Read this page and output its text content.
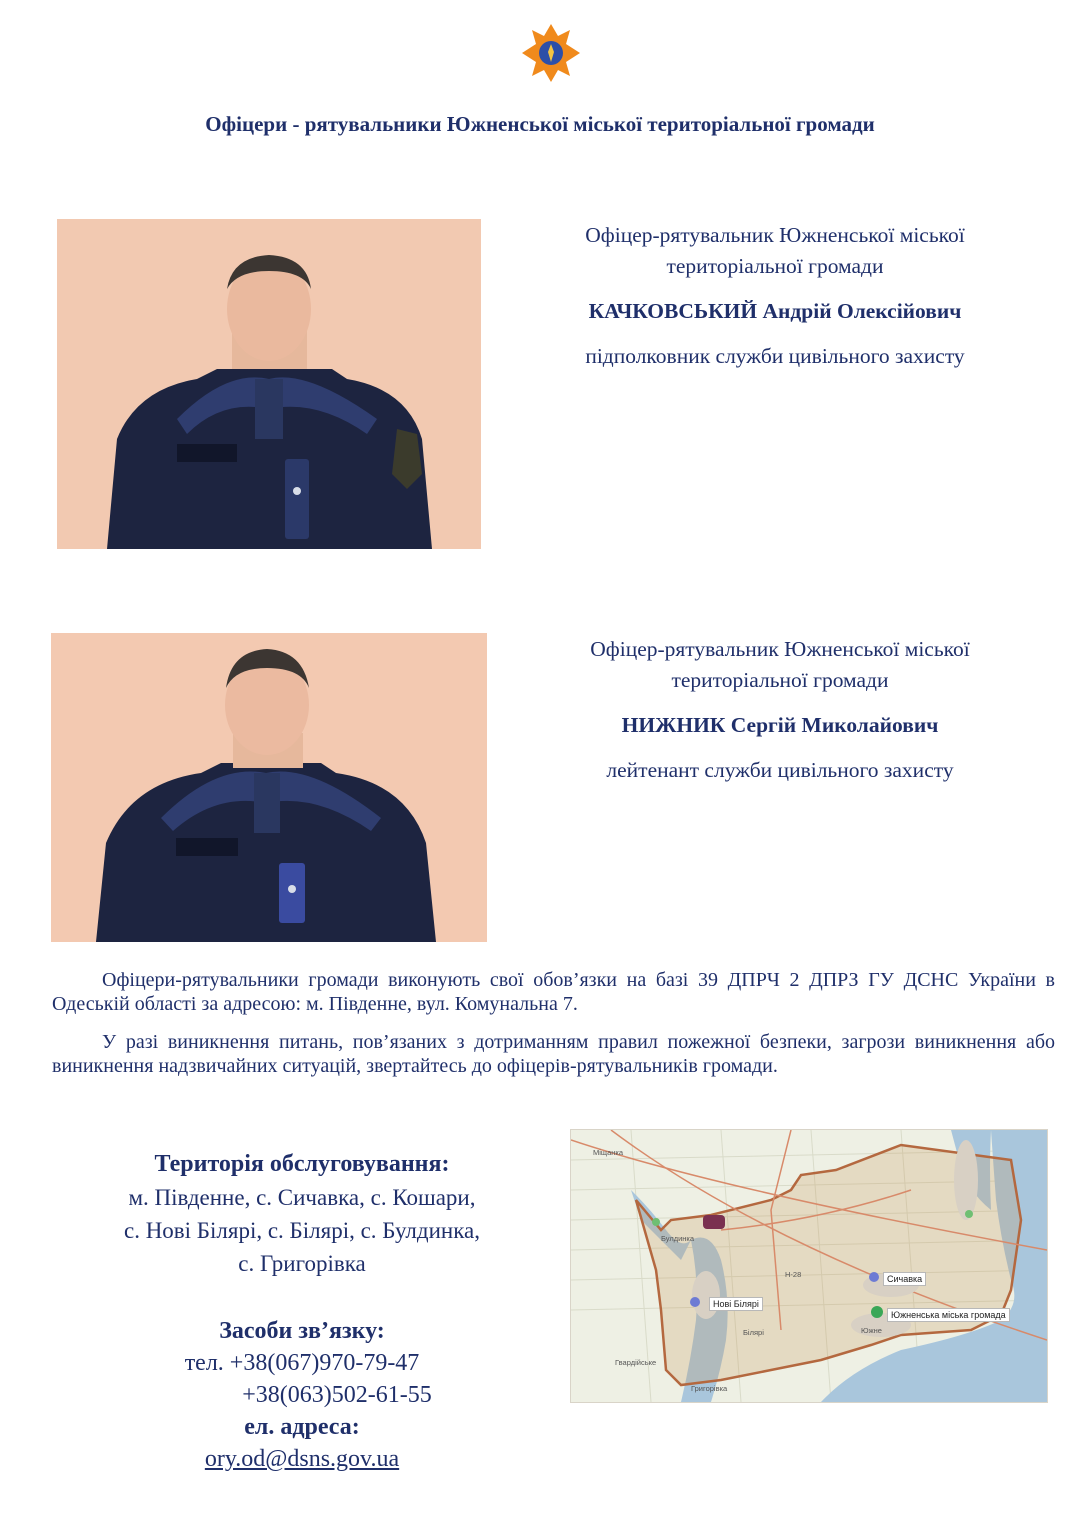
Офіцери - рятувальники Южненської міської територіальної громади
Офіцер-рятувальник Южненської міської
територіальної громади
КАЧКОВСЬКИЙ Андрій Олексійович
підполковник служби цивільного захисту
Офіцер-рятувальник Южненської міської
територіальної громади
НИЖНИК Сергій Миколайович
лейтенант служби цивільного захисту

Офіцери-рятувальники громади виконують свої обов’язки на базі 39 ДПРЧ 2 ДПРЗ ГУ ДСНС України в Одеській області за адресою: м. Південне, вул. Комунальна 7.

У разі виникнення питань, пов’язаних з дотриманням правил пожежної безпеки, загрози виникнення або виникнення надзвичайних ситуацій, звертайтесь до офіцерів-рятувальників громади.

Територія обслуговування:
м. Південне, с. Сичавка, с. Кошари,
с. Нові Білярі, с. Білярі, с. Булдинка,
с. Григорівка
Засоби зв’язку:
тел. +38(067)970-79-47
+38(063)502-61-55
ел. адреса:
ory.od@dsns.gov.ua
Нові Білярі
Сичавка
Южненська міська громада
Булдинка
Южне
Міщанка
Білярі
Гвардійське
Григорівка
Н-28
